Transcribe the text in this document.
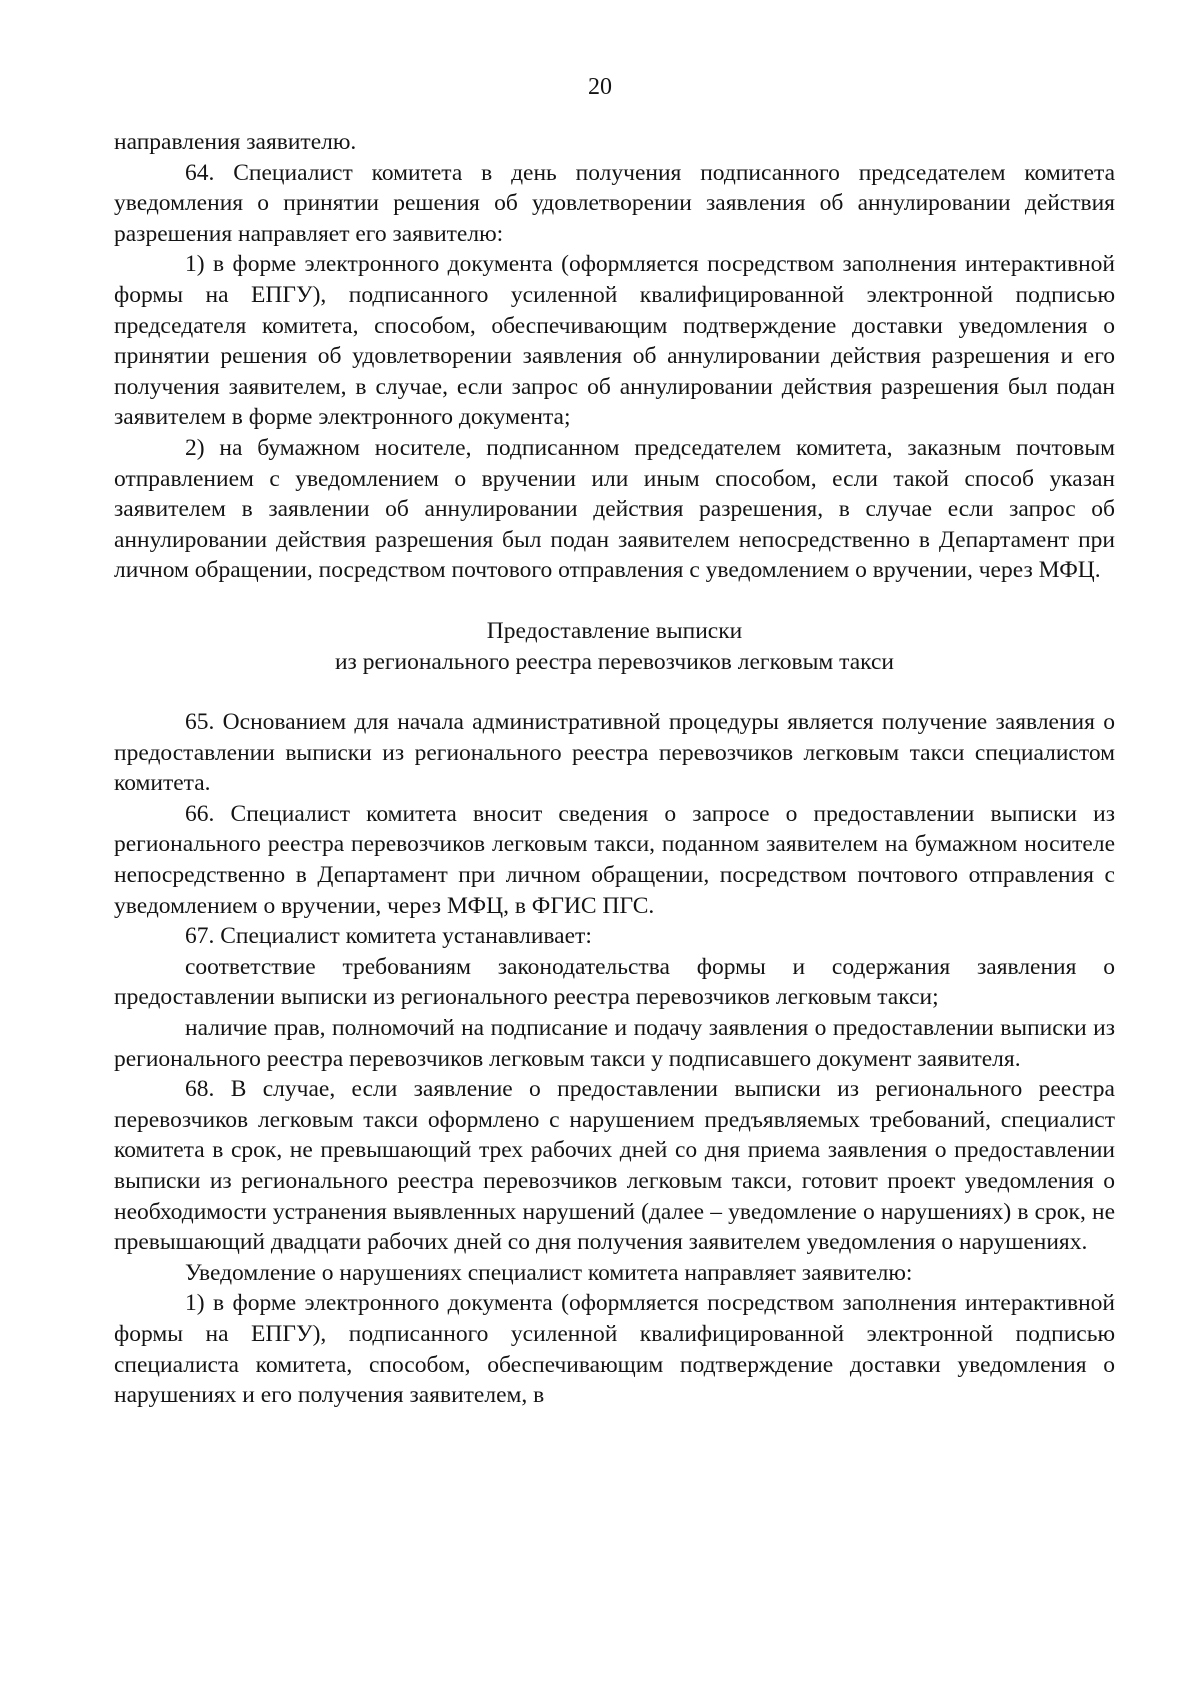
20

направления заявителю.

64. Специалист комитета в день получения подписанного председателем комитета уведомления о принятии решения об удовлетворении заявления об аннулировании действия разрешения направляет его заявителю:

1) в форме электронного документа (оформляется посредством заполнения интерактивной формы на ЕПГУ), подписанного усиленной квалифицированной электронной подписью председателя комитета, способом, обеспечивающим подтверждение доставки уведомления о принятии решения об удовлетворении заявления об аннулировании действия разрешения и его получения заявителем, в случае, если запрос об аннулировании действия разрешения был подан заявителем в форме электронного документа;

2) на бумажном носителе, подписанном председателем комитета, заказным почтовым отправлением с уведомлением о вручении или иным способом, если такой способ указан заявителем в заявлении об аннулировании действия разрешения, в случае если запрос об аннулировании действия разрешения был подан заявителем непосредственно в Департамент при личном обращении, посредством почтового отправления с уведомлением о вручении, через МФЦ.

Предоставление выписки
из регионального реестра перевозчиков легковым такси

65. Основанием для начала административной процедуры является получение заявления о предоставлении выписки из регионального реестра перевозчиков легковым такси специалистом комитета.

66. Специалист комитета вносит сведения о запросе о предоставлении выписки из регионального реестра перевозчиков легковым такси, поданном заявителем на бумажном носителе непосредственно в Департамент при личном обращении, посредством почтового отправления с уведомлением о вручении, через МФЦ, в ФГИС ПГС.

67. Специалист комитета устанавливает:

соответствие требованиям законодательства формы и содержания заявления о предоставлении выписки из регионального реестра перевозчиков легковым такси;

наличие прав, полномочий на подписание и подачу заявления о предоставлении выписки из регионального реестра перевозчиков легковым такси у подписавшего документ заявителя.

68. В случае, если заявление о предоставлении выписки из регионального реестра перевозчиков легковым такси оформлено с нарушением предъявляемых требований, специалист комитета в срок, не превышающий трех рабочих дней со дня приема заявления о предоставлении выписки из регионального реестра перевозчиков легковым такси, готовит проект уведомления о необходимости устранения выявленных нарушений (далее – уведомление о нарушениях) в срок, не превышающий двадцати рабочих дней со дня получения заявителем уведомления о нарушениях.

Уведомление о нарушениях специалист комитета направляет заявителю:

1) в форме электронного документа (оформляется посредством заполнения интерактивной формы на ЕПГУ), подписанного усиленной квалифицированной электронной подписью специалиста комитета, способом, обеспечивающим подтверждение доставки уведомления о нарушениях и его получения заявителем, в
